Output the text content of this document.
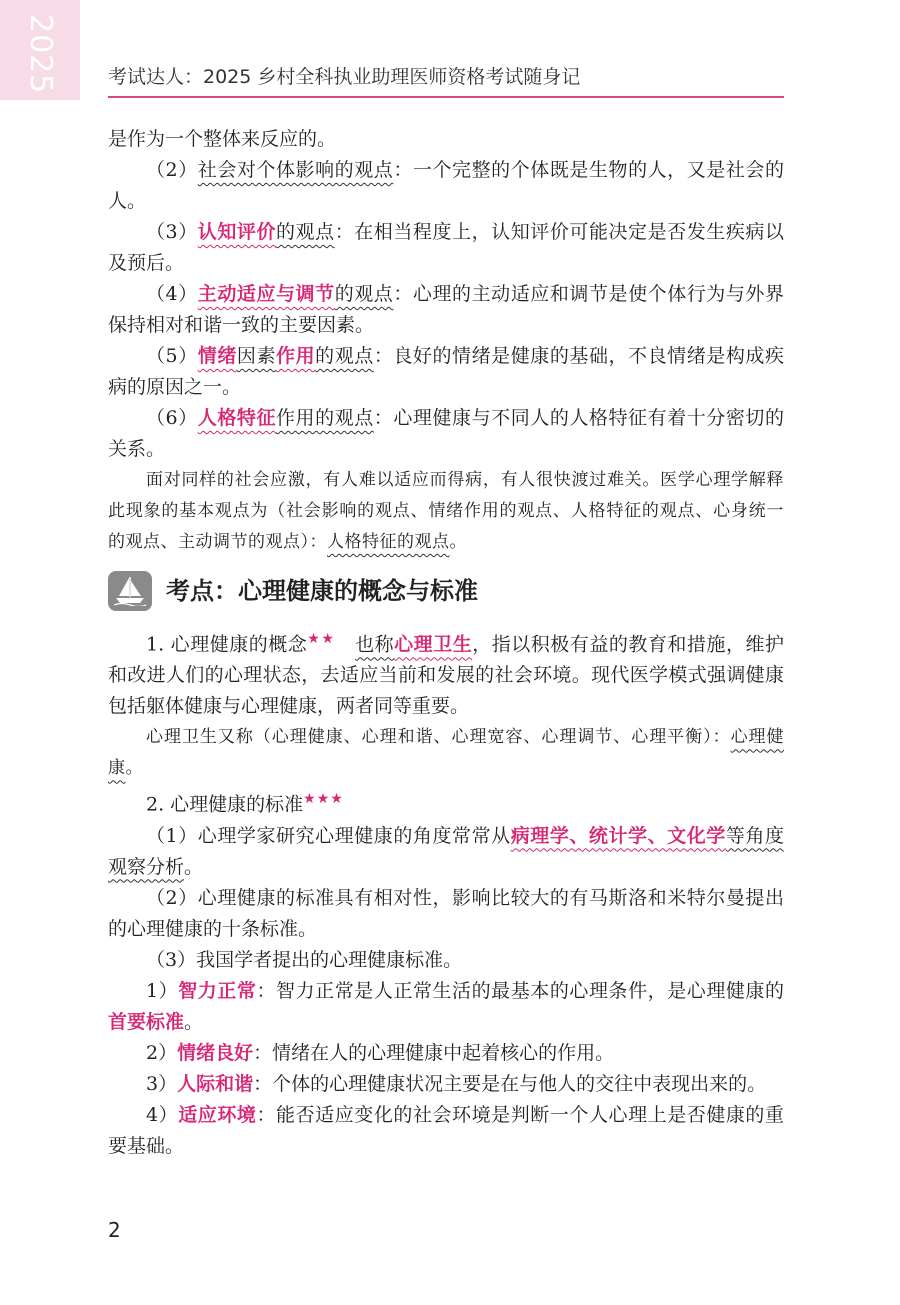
2025	考试达人：2025 乡村全科执业助理医师资格考试随身记

是作为一个整体来反应的。

（2）社会对个体影响的观点：一个完整的个体既是生物的人，又是社会的人。

（3）认知评价的观点：在相当程度上，认知评价可能决定是否发生疾病以及预后。

（4）主动适应与调节的观点：心理的主动适应和调节是使个体行为与外界保持相对和谐一致的主要因素。

（5）情绪因素作用的观点：良好的情绪是健康的基础，不良情绪是构成疾病的原因之一。

（6）人格特征作用的观点：心理健康与不同人的人格特征有着十分密切的关系。

面对同样的社会应激，有人难以适应而得病，有人很快渡过难关。医学心理学解释此现象的基本观点为（社会影响的观点、情绪作用的观点、人格特征的观点、心身统一的观点、主动调节的观点）：人格特征的观点。

考点：心理健康的概念与标准

1. 心理健康的概念★★ 也称心理卫生，指以积极有益的教育和措施，维护和改进人们的心理状态，去适应当前和发展的社会环境。现代医学模式强调健康包括躯体健康与心理健康，两者同等重要。

心理卫生又称（心理健康、心理和谐、心理宽容、心理调节、心理平衡）：心理健康。

2. 心理健康的标准★★★

（1）心理学家研究心理健康的角度常常从病理学、统计学、文化学等角度观察分析。

（2）心理健康的标准具有相对性，影响比较大的有马斯洛和米特尔曼提出的心理健康的十条标准。

（3）我国学者提出的心理健康标准。

1）智力正常：智力正常是人正常生活的最基本的心理条件，是心理健康的首要标准。

2）情绪良好：情绪在人的心理健康中起着核心的作用。

3）人际和谐：个体的心理健康状况主要是在与他人的交往中表现出来的。

4）适应环境：能否适应变化的社会环境是判断一个人心理上是否健康的重要基础。

2
